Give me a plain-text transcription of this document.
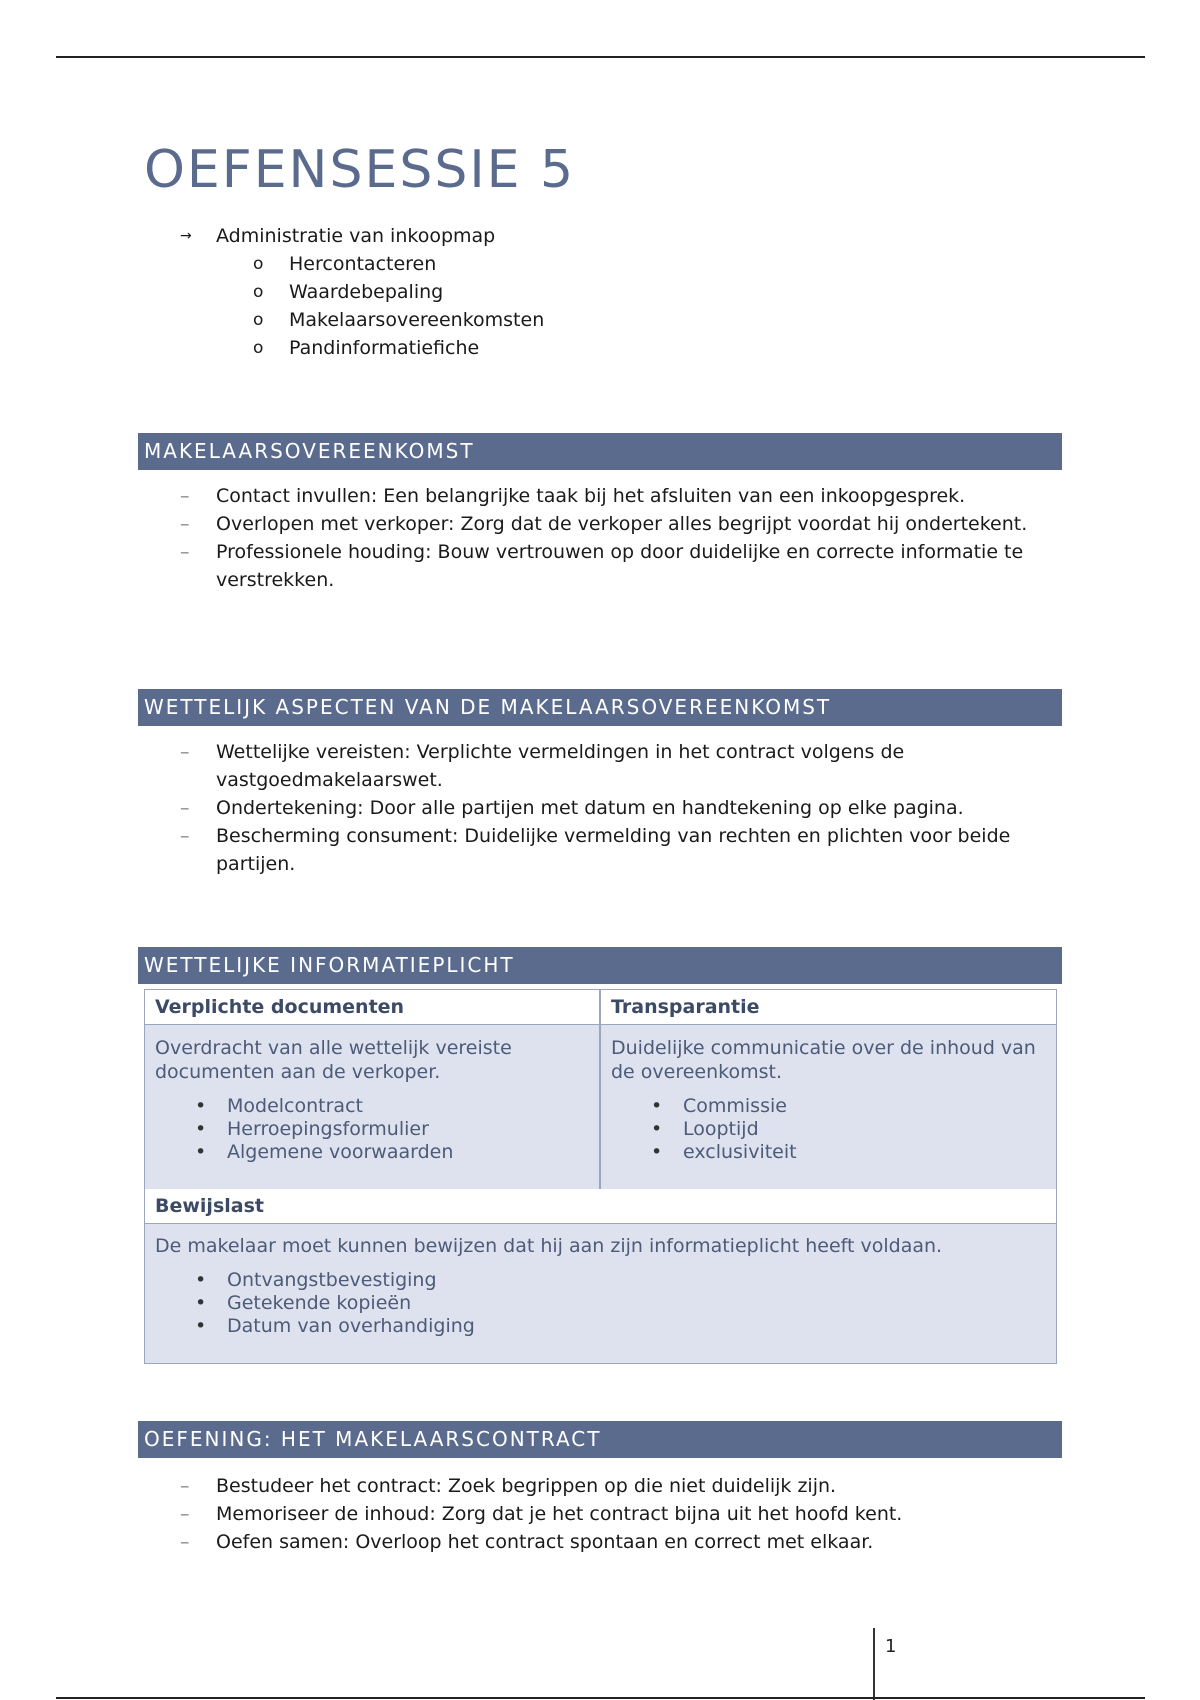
OEFENSESSIE 5
→ Administratie van inkoopmap
o Hercontacteren
o Waardebepaling
o Makelaarsovereenkomsten
o Pandinformatiefiche
MAKELAARSOVEREENKOMST
– Contact invullen: Een belangrijke taak bij het afsluiten van een inkoopgesprek.
– Overlopen met verkoper: Zorg dat de verkoper alles begrijpt voordat hij ondertekent.
– Professionele houding: Bouw vertrouwen op door duidelijke en correcte informatie te verstrekken.
WETTELIJK ASPECTEN VAN DE MAKELAARSOVEREENKOMST
– Wettelijke vereisten: Verplichte vermeldingen in het contract volgens de vastgoedmakelaarswet.
– Ondertekening: Door alle partijen met datum en handtekening op elke pagina.
– Bescherming consument: Duidelijke vermelding van rechten en plichten voor beide partijen.
WETTELIJKE INFORMATIEPLICHT
Verplichte documenten

Overdracht van alle wettelijk vereiste documenten aan de verkoper.

• Modelcontract
• Herroepingsformulier
• Algemene voorwaarden
Transparantie

Duidelijke communicatie over de inhoud van de overeenkomst.

• Commissie
• Looptijd
• exclusiviteit
Bewijslast

De makelaar moet kunnen bewijzen dat hij aan zijn informatieplicht heeft voldaan.

• Ontvangstbevestiging
• Getekende kopieën
• Datum van overhandiging
OEFENING: HET MAKELAARSCONTRACT
– Bestudeer het contract: Zoek begrippen op die niet duidelijk zijn.
– Memoriseer de inhoud: Zorg dat je het contract bijna uit het hoofd kent.
– Oefen samen: Overloop het contract spontaan en correct met elkaar.
1
